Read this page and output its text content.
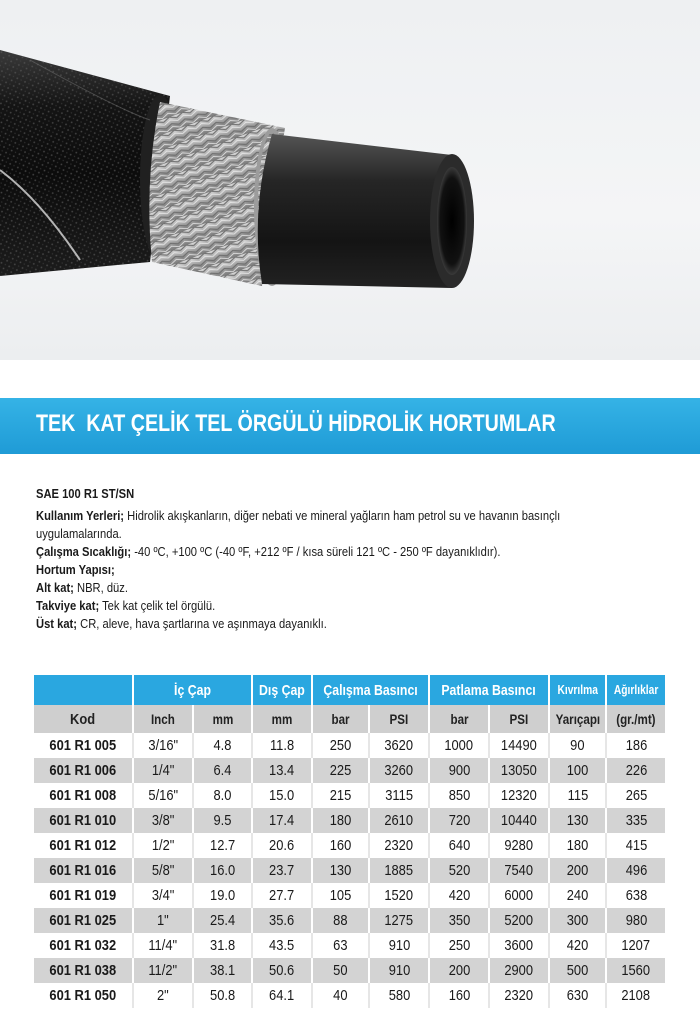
TEK  KAT ÇELİK TEL ÖRGÜLÜ HİDROLİK HORTUMLAR
SAE 100 R1 ST/SN
Kullanım Yerleri; Hidrolik akışkanların, diğer nebati ve mineral yağların ham petrol su ve havanın basınçlı
uygulamalarında.
Çalışma Sıcaklığı; -40 ºC, +100 ºC (-40 ºF, +212 ºF / kısa süreli 121 ºC - 250 ºF dayanıklıdır).
Hortum Yapısı;
Alt kat; NBR, düz.
Takviye kat; Tek kat çelik tel örgülü.
Üst kat; CR, aleve, hava şartlarına ve aşınmaya dayanıklı.
	İç Çap		Dış Çap	Çalışma Basıncı		Patlama Basıncı		Kıvrılma	Ağırlıklar
Kod	Inch	mm	mm	bar	PSI	bar	PSI	Yarıçapı	(gr./mt)
601 R1 005	3/16"	4.8	11.8	250	3620	1000	14490	90	186
601 R1 006	1/4"	6.4	13.4	225	3260	900	13050	100	226
601 R1 008	5/16"	8.0	15.0	215	3115	850	12320	115	265
601 R1 010	3/8"	9.5	17.4	180	2610	720	10440	130	335
601 R1 012	1/2"	12.7	20.6	160	2320	640	9280	180	415
601 R1 016	5/8"	16.0	23.7	130	1885	520	7540	200	496
601 R1 019	3/4"	19.0	27.7	105	1520	420	6000	240	638
601 R1 025	1"	25.4	35.6	88	1275	350	5200	300	980
601 R1 032	11/4"	31.8	43.5	63	910	250	3600	420	1207
601 R1 038	11/2"	38.1	50.6	50	910	200	2900	500	1560
601 R1 050	2"	50.8	64.1	40	580	160	2320	630	2108
